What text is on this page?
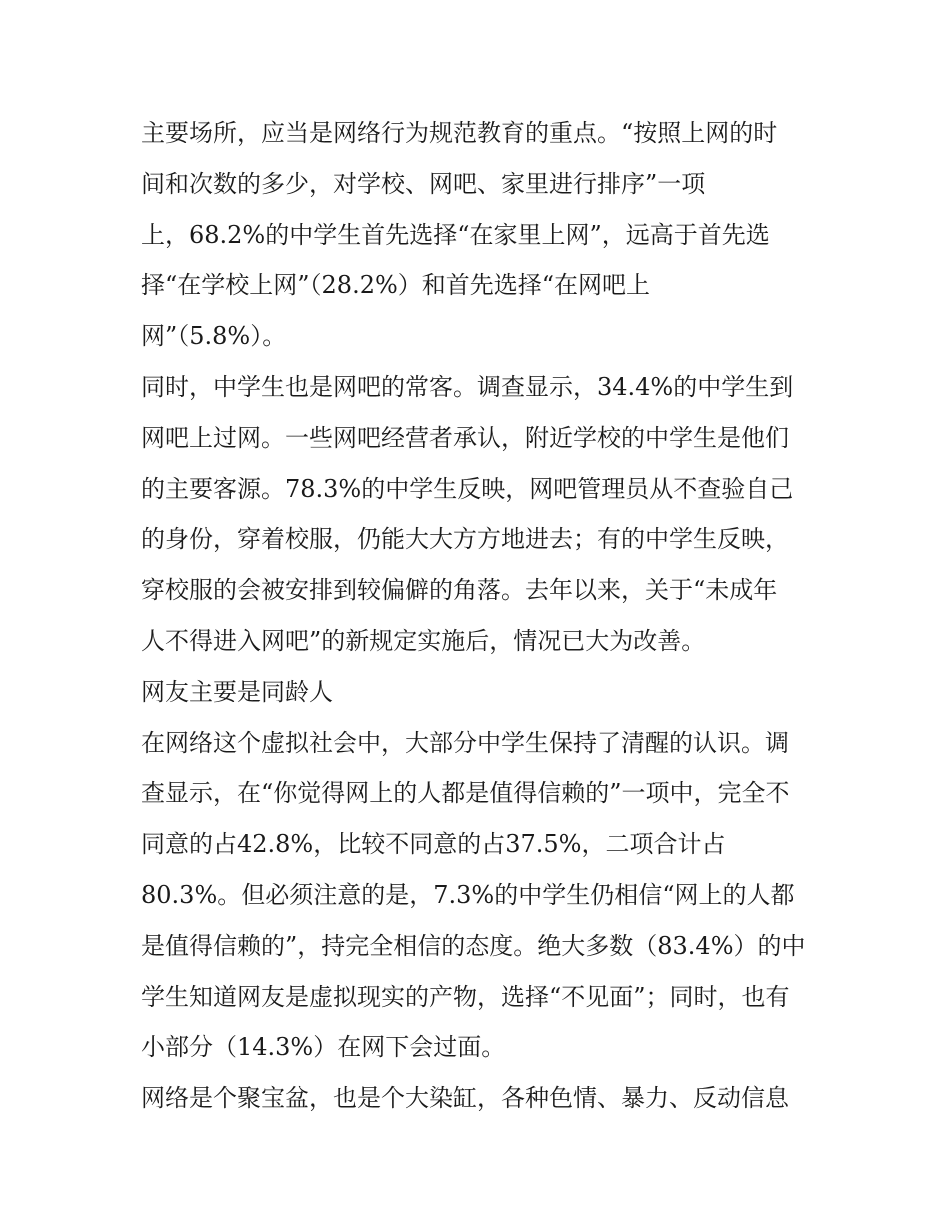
主要场所，应当是网络行为规范教育的重点。“按照上网的时
间和次数的多少，对学校、网吧、家里进行排序”一项
上，68.2%的中学生首先选择“在家里上网”，远高于首先选
择“在学校上网”（28.2%）和首先选择“在网吧上
网”（5.8%）。
同时，中学生也是网吧的常客。调查显示，34.4%的中学生到
网吧上过网。一些网吧经营者承认，附近学校的中学生是他们
的主要客源。78.3%的中学生反映，网吧管理员从不查验自己
的身份，穿着校服，仍能大大方方地进去；有的中学生反映，
穿校服的会被安排到较偏僻的角落。去年以来，关于“未成年
人不得进入网吧”的新规定实施后，情况已大为改善。
网友主要是同龄人
在网络这个虚拟社会中，大部分中学生保持了清醒的认识。调
查显示，在“你觉得网上的人都是值得信赖的”一项中，完全不
同意的占42.8%，比较不同意的占37.5%，二项合计占
80.3%。但必须注意的是，7.3%的中学生仍相信“网上的人都
是值得信赖的”，持完全相信的态度。绝大多数（83.4%）的中
学生知道网友是虚拟现实的产物，选择“不见面”；同时，也有
小部分（14.3%）在网下会过面。
网络是个聚宝盆，也是个大染缸，各种色情、暴力、反动信息
